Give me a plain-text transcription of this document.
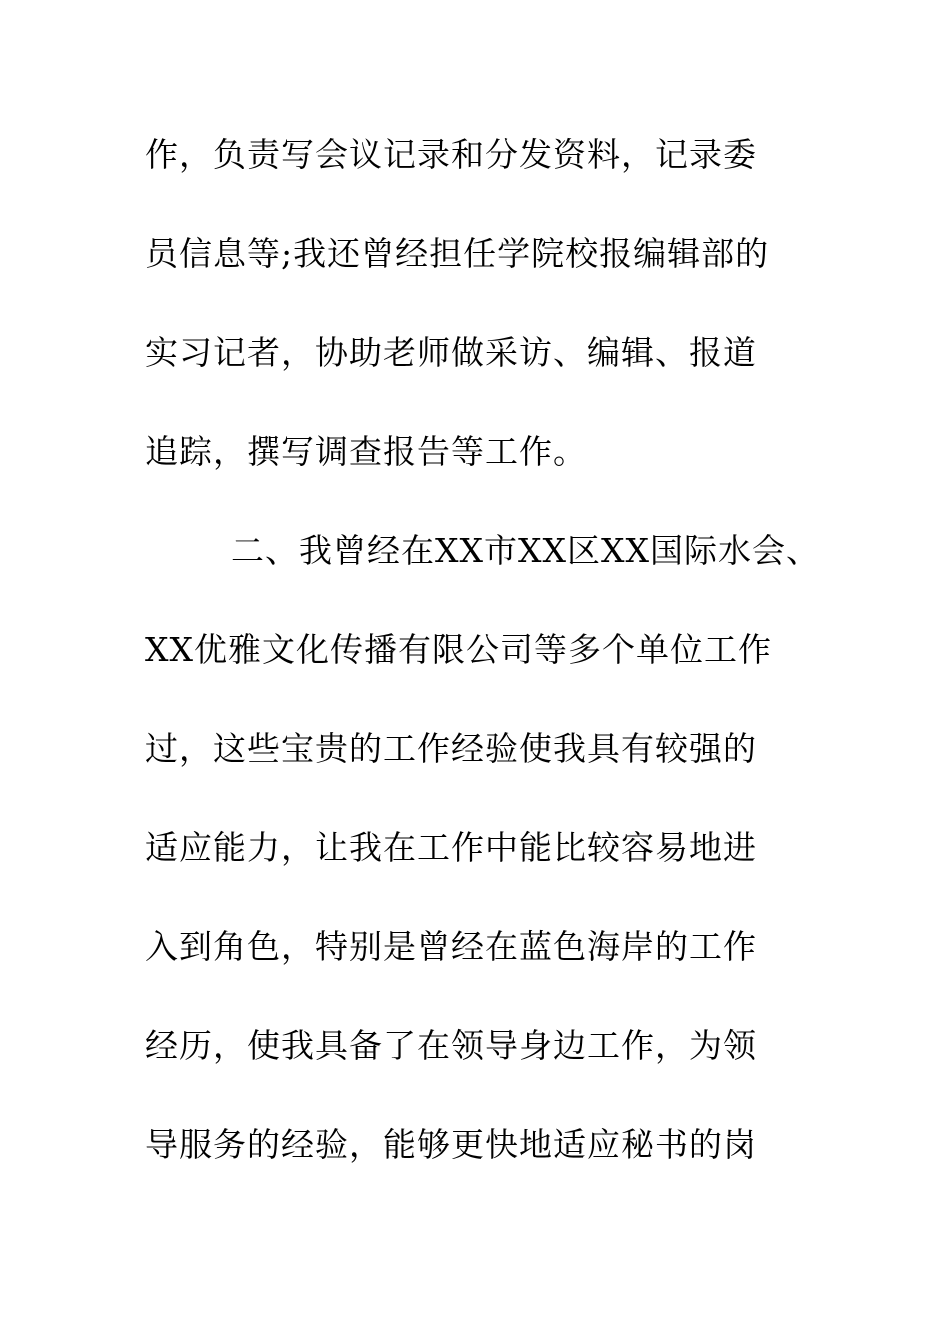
作，负责写会议记录和分发资料，记录委
员信息等;我还曾经担任学院校报编辑部的
实习记者，协助老师做采访、编辑、报道
追踪，撰写调查报告等工作。
二、我曾经在XX市XX区XX国际水会、
XX优雅文化传播有限公司等多个单位工作
过，这些宝贵的工作经验使我具有较强的
适应能力，让我在工作中能比较容易地进
入到角色，特别是曾经在蓝色海岸的工作
经历，使我具备了在领导身边工作，为领
导服务的经验，能够更快地适应秘书的岗
